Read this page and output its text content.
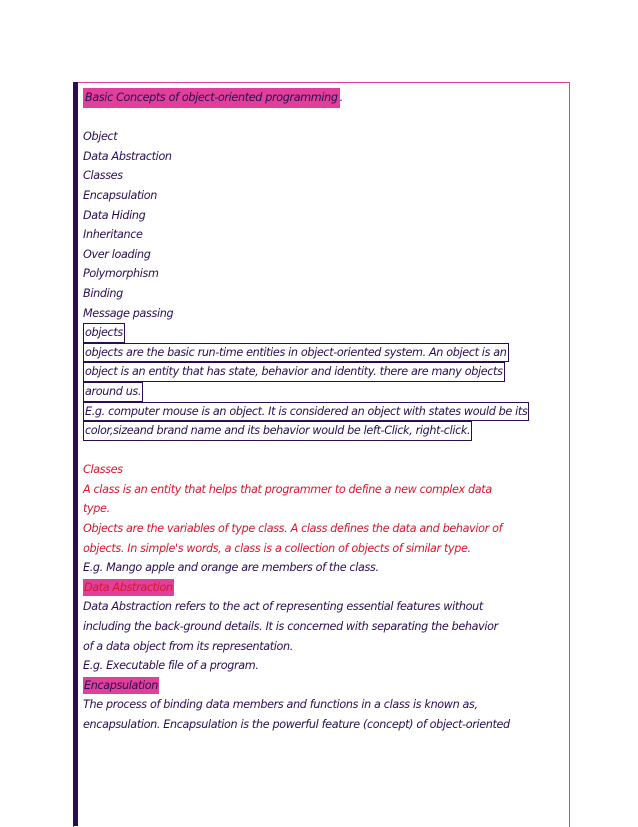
Basic Concepts of object-oriented programming .
Object
Data Abstraction
Classes
Encapsulation
Data Hiding
Inheritance
Over loading
Polymorphism
Binding
Message passing
objects
objects are the basic run-time entities in object-oriented system. An object is an
object is an entity that has state, behavior and identity. there are many objects
around us.
E.g. computer mouse is an object. It is considered an object with states would be its
color,sizeand brand name and its behavior would be left-Click, right-click.
Classes
A class is an entity that helps that programmer to define a new complex data
type.
Objects are the variables of type class. A class defines the data and behavior of
objects. In simple's words, a class is a collection of objects of similar type.
E.g. Mango apple and orange are members of the class.
Data Abstraction
Data Abstraction refers to the act of representing essential features without
including the back-ground details. It is concerned with separating the behavior
of a data object from its representation.
E.g. Executable file of a program.
Encapsulation
The process of binding data members and functions in a class is known as,
encapsulation. Encapsulation is the powerful feature (concept) of object-oriented
